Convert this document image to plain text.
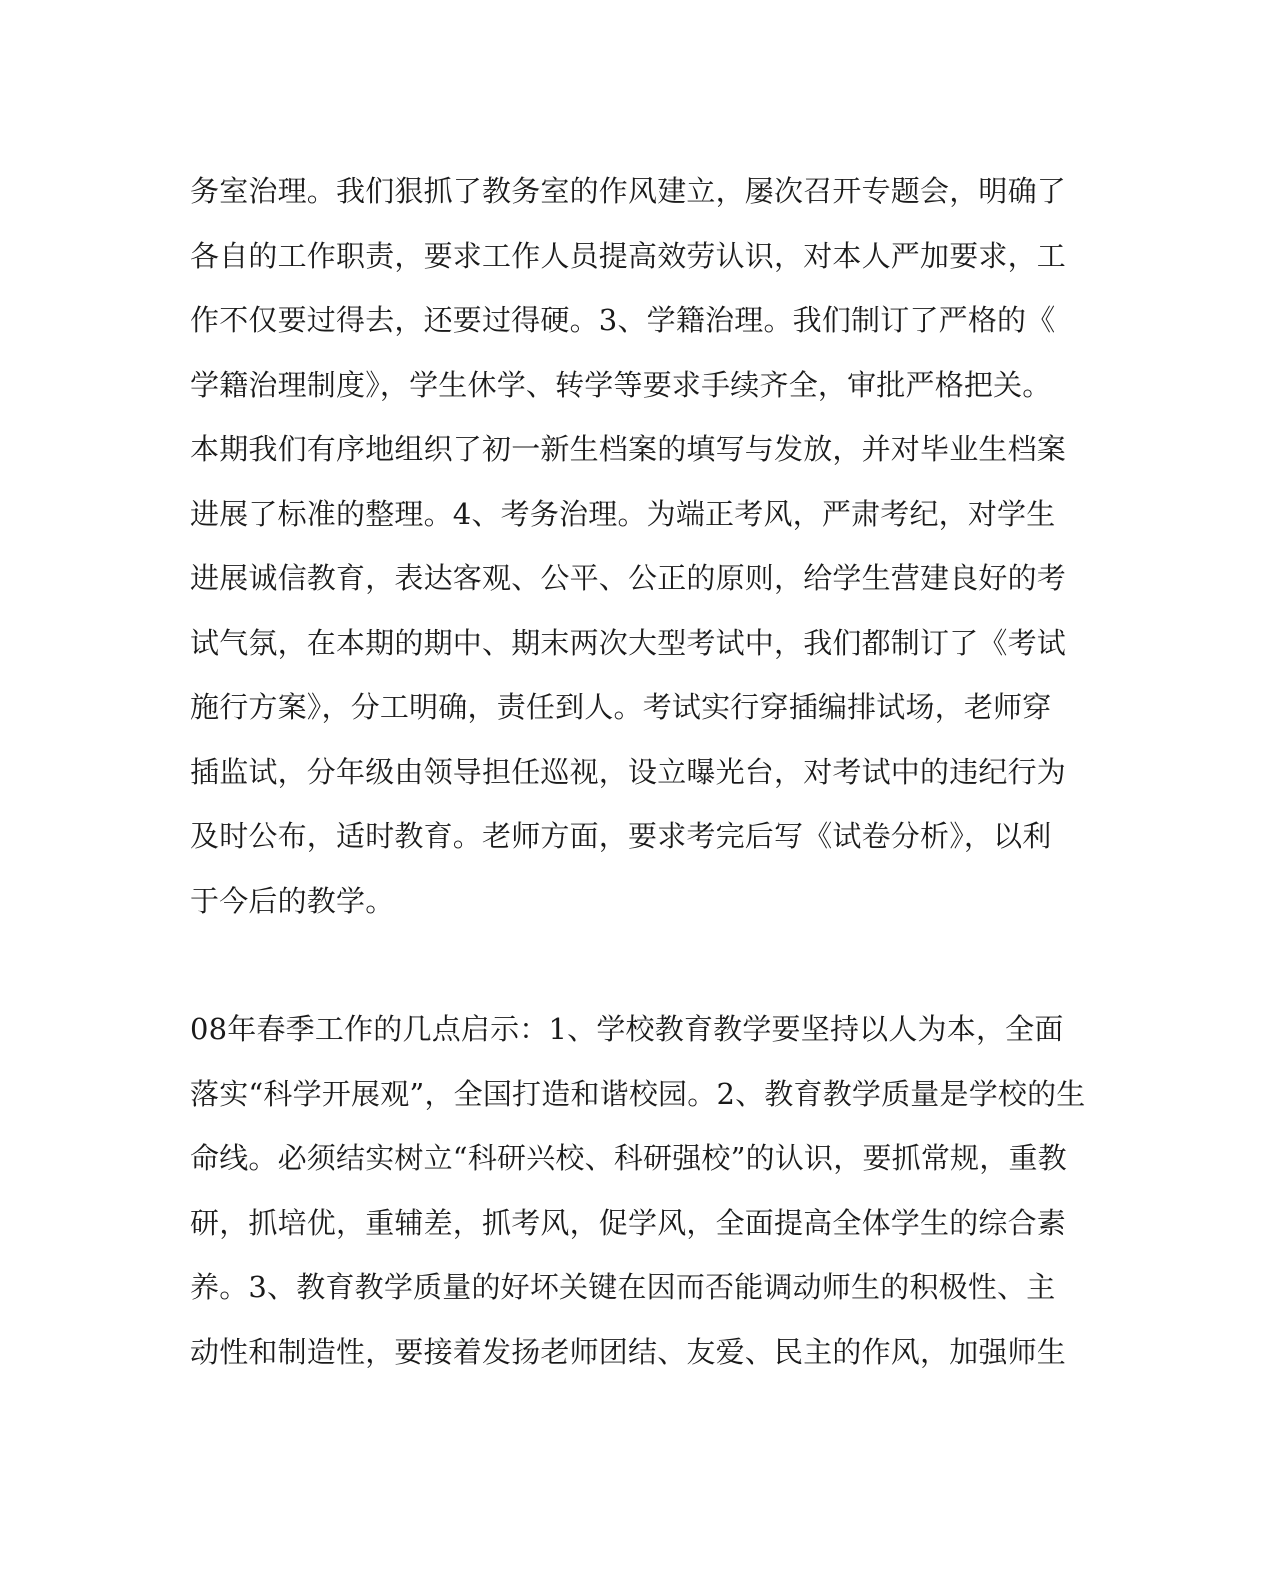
务室治理。我们狠抓了教务室的作风建立，屡次召开专题会，明确了
各自的工作职责，要求工作人员提高效劳认识，对本人严加要求，工
作不仅要过得去，还要过得硬。3、学籍治理。我们制订了严格的《
学籍治理制度》，学生休学、转学等要求手续齐全，审批严格把关。
本期我们有序地组织了初一新生档案的填写与发放，并对毕业生档案
进展了标准的整理。4、考务治理。为端正考风，严肃考纪，对学生
进展诚信教育，表达客观、公平、公正的原则，给学生营建良好的考
试气氛，在本期的期中、期末两次大型考试中，我们都制订了《考试
施行方案》，分工明确，责任到人。考试实行穿插编排试场，老师穿
插监试，分年级由领导担任巡视，设立曝光台，对考试中的违纪行为
及时公布，适时教育。老师方面，要求考完后写《试卷分析》，以利
于今后的教学。
08年春季工作的几点启示：1、学校教育教学要坚持以人为本，全面
落实“科学开展观”，全国打造和谐校园。2、教育教学质量是学校的生
命线。必须结实树立“科研兴校、科研强校”的认识，要抓常规，重教
研，抓培优，重辅差，抓考风，促学风，全面提高全体学生的综合素
养。3、教育教学质量的好坏关键在因而否能调动师生的积极性、主
动性和制造性，要接着发扬老师团结、友爱、民主的作风，加强师生
